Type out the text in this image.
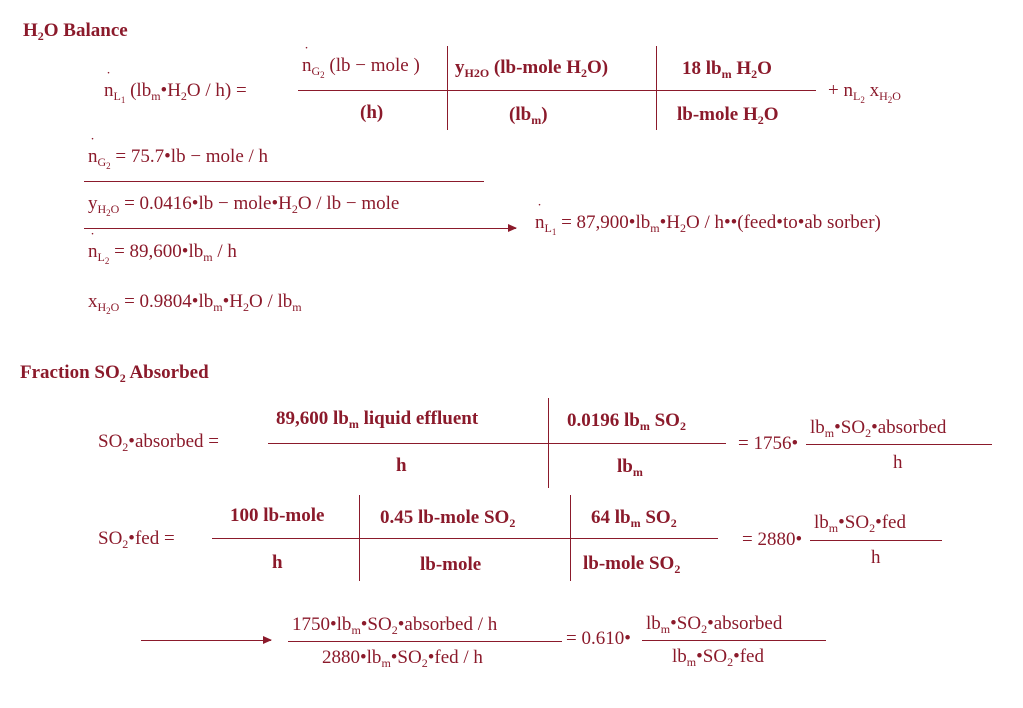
$H_2O$ Balance
˙ $n_{L_1}$ $(lb_m•H_2O / h)$ =
˙ $n_{G_2}$ (lb − mole )
(h)
$y_{H2O}$ (lb-mole $H_2O$)
$(lb_m)$
18 $lb_m$ $H_2O$
lb-mole $H_2O$
+ $n_{L_2}$ $x_{H_2O}$
˙ $n_{G_2}$ = 75.7•lb − mole / h
$y_{H_2O}$ = 0.0416•lb − $mole•H_2O$ / lb − mole
˙ $n_{L_2}$ = $89,600•lb_m$ / h
$x_{H_2O}$ = $0.9804•lb_m•H_2O / lb_m$
˙ $n_{L_1}$ = $87,900•lb_m•H_2O$ / h••(feed•to•ab sorber)
Fraction $SO_2$ Absorbed
$SO_2•absorbed$ =
89,600 $lb_m$ liquid effluent
h
0.0196 $lb_m$ $SO_2$
$lb_m$
= 1756•
$lb_m•SO_2•absorbed$
h
$SO_2•fed$ =
100 lb-mole
h
0.45 lb-mole $SO_2$
lb-mole
64 $lb_m$ $SO_2$
lb-mole $SO_2$
= 2880•
$lb_m•SO_2•fed$
h
$1750•lb_m•SO_2•absorbed$ / h
$2880•lb_m•SO_2•fed$ / h
= 0.610•
$lb_m•SO_2•absorbed$
$lb_m•SO_2•fed$
